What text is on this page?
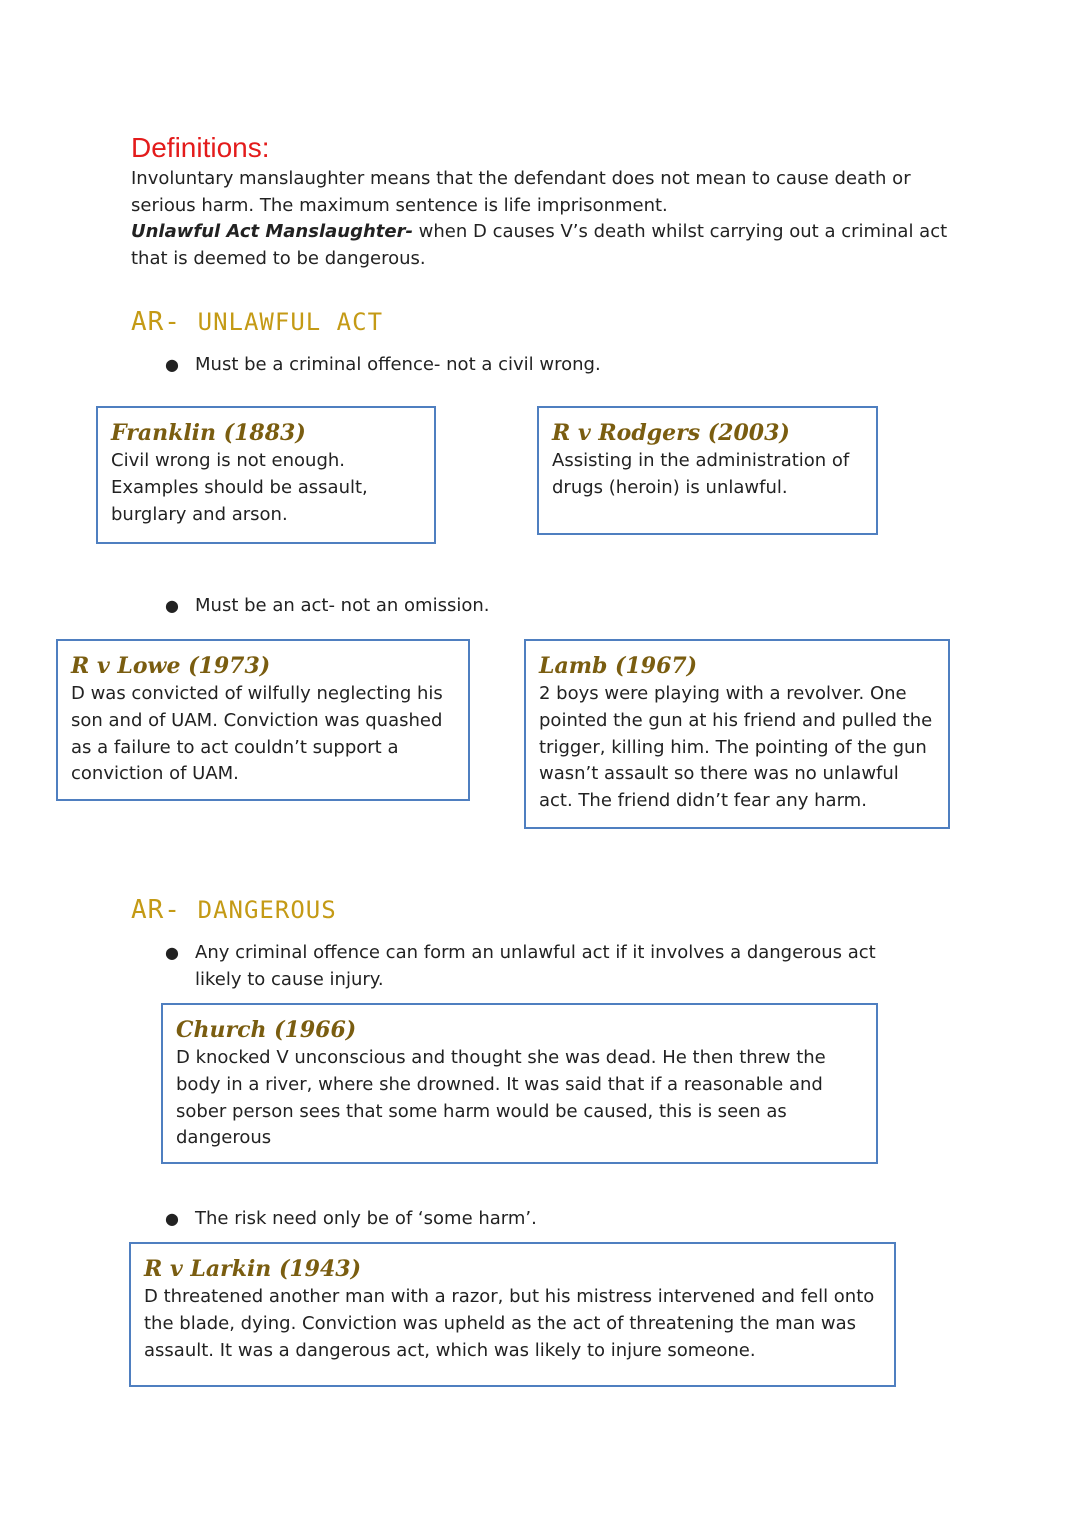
Definitions:

Involuntary manslaughter means that the defendant does not mean to cause death or serious harm. The maximum sentence is life imprisonment.
Unlawful Act Manslaughter- when D causes V’s death whilst carrying out a criminal act that is deemed to be dangerous.

AR- UNLAWFUL ACT
● Must be a criminal offence- not a civil wrong.

Franklin (1883)

Civil wrong is not enough. Examples should be assault, burglary and arson.

R v Rodgers (2003)

Assisting in the administration of drugs (heroin) is unlawful.

● Must be an act- not an omission.

R v Lowe (1973)

D was convicted of wilfully neglecting his son and of UAM. Conviction was quashed as a failure to act couldn’t support a conviction of UAM.

Lamb (1967)

2 boys were playing with a revolver. One pointed the gun at his friend and pulled the trigger, killing him. The pointing of the gun wasn’t assault so there was no unlawful act. The friend didn’t fear any harm.

AR- DANGEROUS
● Any criminal offence can form an unlawful act if it involves a dangerous act likely to cause injury.

Church (1966)

D knocked V unconscious and thought she was dead. He then threw the body in a river, where she drowned. It was said that if a reasonable and sober person sees that some harm would be caused, this is seen as dangerous

● The risk need only be of ‘some harm’.

R v Larkin (1943)

D threatened another man with a razor, but his mistress intervened and fell onto the blade, dying. Conviction was upheld as the act of threatening the man was assault. It was a dangerous act, which was likely to injure someone.
